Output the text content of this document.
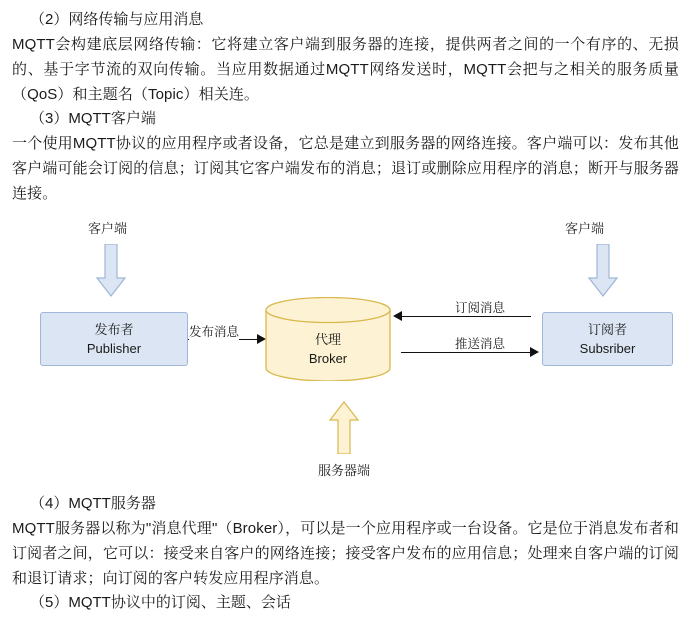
（2）网络传输与应用消息

MQTT会构建底层网络传输：它将建立客户端到服务器的连接，提供两者之间的一个有序的、无损的、基于字节流的双向传输。当应用数据通过MQTT网络发送时，MQTT会把与之相关的服务质量（QoS）和主题名（Topic）相关连。

（3）MQTT客户端

一个使用MQTT协议的应用程序或者设备，它总是建立到服务器的网络连接。客户端可以：发布其他客户端可能会订阅的信息；订阅其它客户端发布的消息；退订或删除应用程序的消息；断开与服务器连接。

客户端	客户端
发布者
Publisher
发布消息	代理
Broker
订阅消息
推送消息
订阅者
Subsriber
服务器端
（4）MQTT服务器

MQTT服务器以称为"消息代理"（Broker），可以是一个应用程序或一台设备。它是位于消息发布者和订阅者之间，它可以：接受来自客户的网络连接；接受客户发布的应用信息；处理来自客户端的订阅和退订请求；向订阅的客户转发应用程序消息。

（5）MQTT协议中的订阅、主题、会话
